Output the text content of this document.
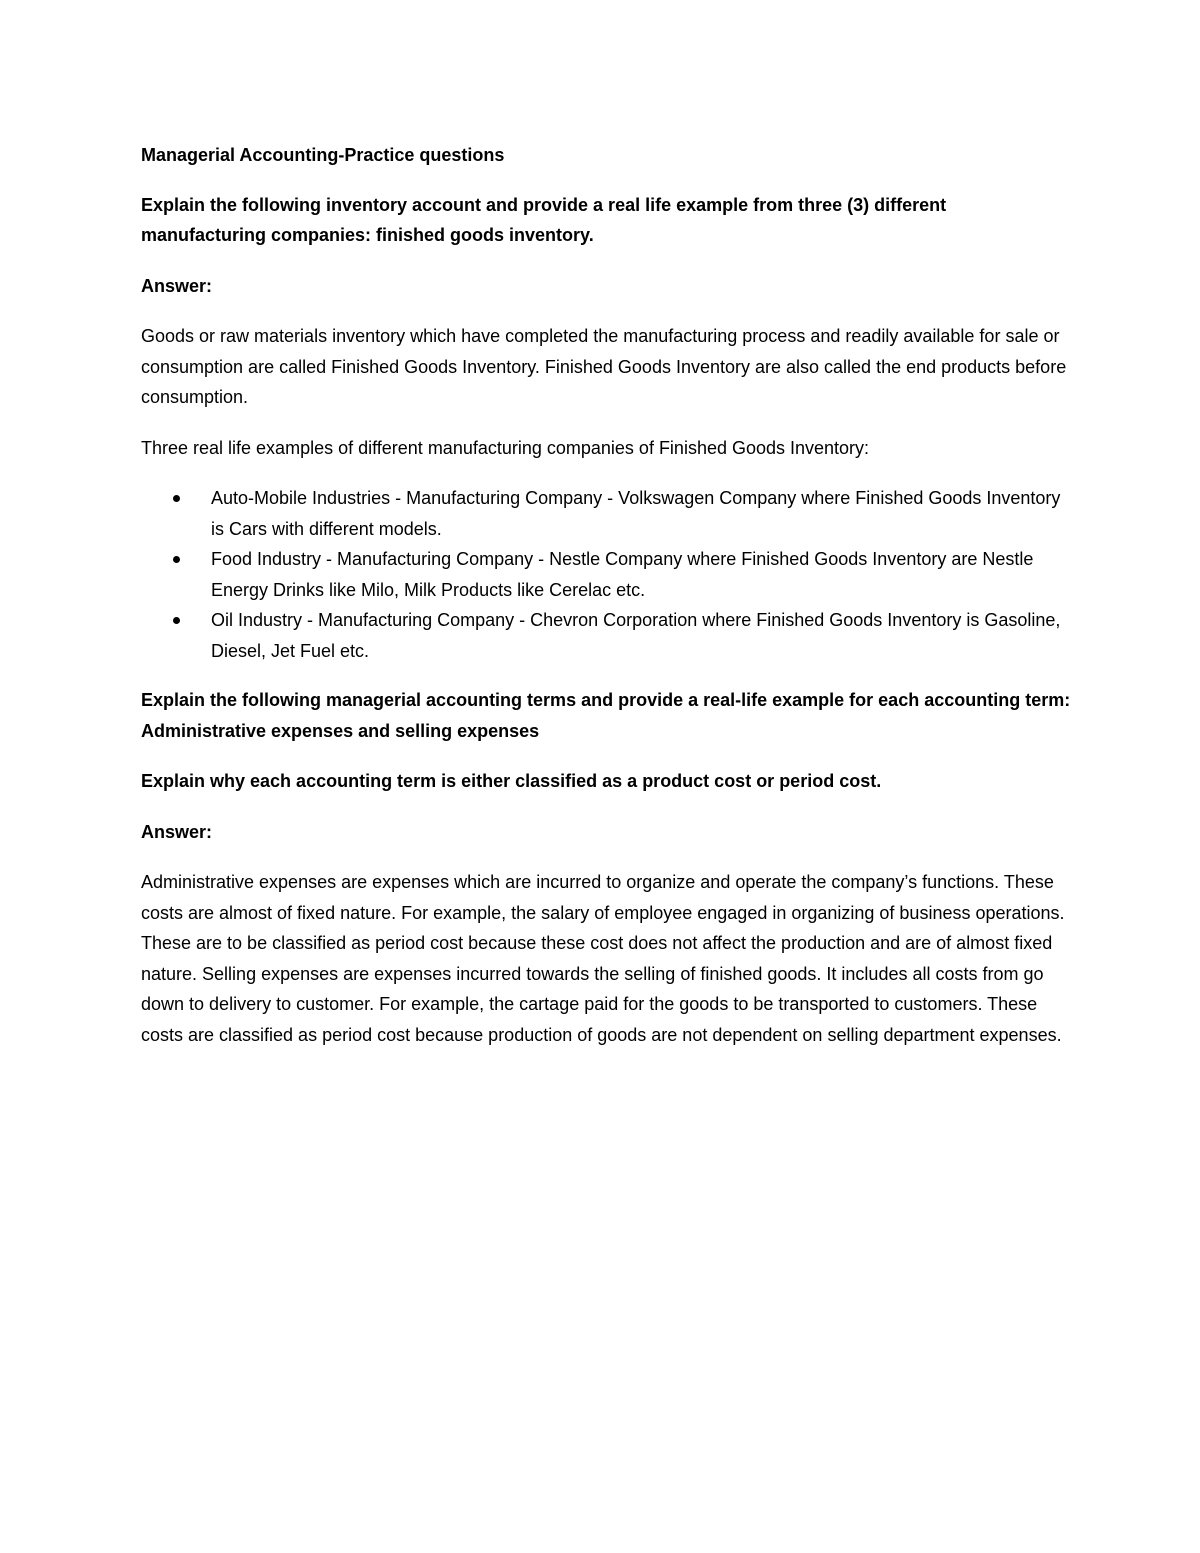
Managerial Accounting-Practice questions

Explain the following inventory account and provide a real life example from three (3) different manufacturing companies: finished goods inventory.

Answer:

Goods or raw materials inventory which have completed the manufacturing process and readily available for sale or consumption are called Finished Goods Inventory. Finished Goods Inventory are also called the end products before consumption.

Three real life examples of different manufacturing companies of Finished Goods Inventory:

Auto-Mobile Industries - Manufacturing Company - Volkswagen Company where Finished Goods Inventory is Cars with different models.
Food Industry - Manufacturing Company - Nestle Company where Finished Goods Inventory are Nestle Energy Drinks like Milo, Milk Products like Cerelac etc.
Oil Industry - Manufacturing Company - Chevron Corporation where Finished Goods Inventory is Gasoline, Diesel, Jet Fuel etc.

Explain the following managerial accounting terms and provide a real-life example for each accounting term: Administrative expenses and selling expenses

Explain why each accounting term is either classified as a product cost or period cost.

Answer:

Administrative expenses are expenses which are incurred to organize and operate the company’s functions. These costs are almost of fixed nature. For example, the salary of employee engaged in organizing of business operations. These are to be classified as period cost because these cost does not affect the production and are of almost fixed nature. Selling expenses are expenses incurred towards the selling of finished goods. It includes all costs from go down to delivery to customer. For example, the cartage paid for the goods to be transported to customers. These costs are classified as period cost because production of goods are not dependent on selling department expenses.
